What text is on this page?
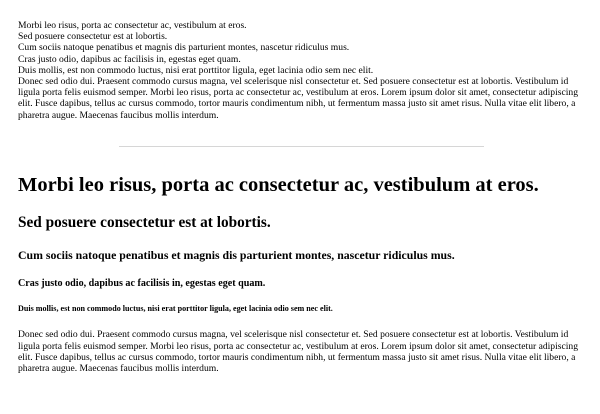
Morbi leo risus, porta ac consectetur ac, vestibulum at eros.
Sed posuere consectetur est at lobortis.
Cum sociis natoque penatibus et magnis dis parturient montes, nascetur ridiculus mus.
Cras justo odio, dapibus ac facilisis in, egestas eget quam.
Duis mollis, est non commodo luctus, nisi erat porttitor ligula, eget lacinia odio sem nec elit.

Donec sed odio dui. Praesent commodo cursus magna, vel scelerisque nisl consectetur et. Sed posuere consectetur est at lobortis. Vestibulum id ligula porta felis euismod semper. Morbi leo risus, porta ac consectetur ac, vestibulum at eros. Lorem ipsum dolor sit amet, consectetur adipiscing elit. Fusce dapibus, tellus ac cursus commodo, tortor mauris condimentum nibh, ut fermentum massa justo sit amet risus. Nulla vitae elit libero, a pharetra augue. Maecenas faucibus mollis interdum.

Morbi leo risus, porta ac consectetur ac, vestibulum at eros.
Sed posuere consectetur est at lobortis.
Cum sociis natoque penatibus et magnis dis parturient montes, nascetur ridiculus mus.
Cras justo odio, dapibus ac facilisis in, egestas eget quam.
Duis mollis, est non commodo luctus, nisi erat porttitor ligula, eget lacinia odio sem nec elit.

Donec sed odio dui. Praesent commodo cursus magna, vel scelerisque nisl consectetur et. Sed posuere consectetur est at lobortis. Vestibulum id ligula porta felis euismod semper. Morbi leo risus, porta ac consectetur ac, vestibulum at eros. Lorem ipsum dolor sit amet, consectetur adipiscing elit. Fusce dapibus, tellus ac cursus commodo, tortor mauris condimentum nibh, ut fermentum massa justo sit amet risus. Nulla vitae elit libero, a pharetra augue. Maecenas faucibus mollis interdum.
